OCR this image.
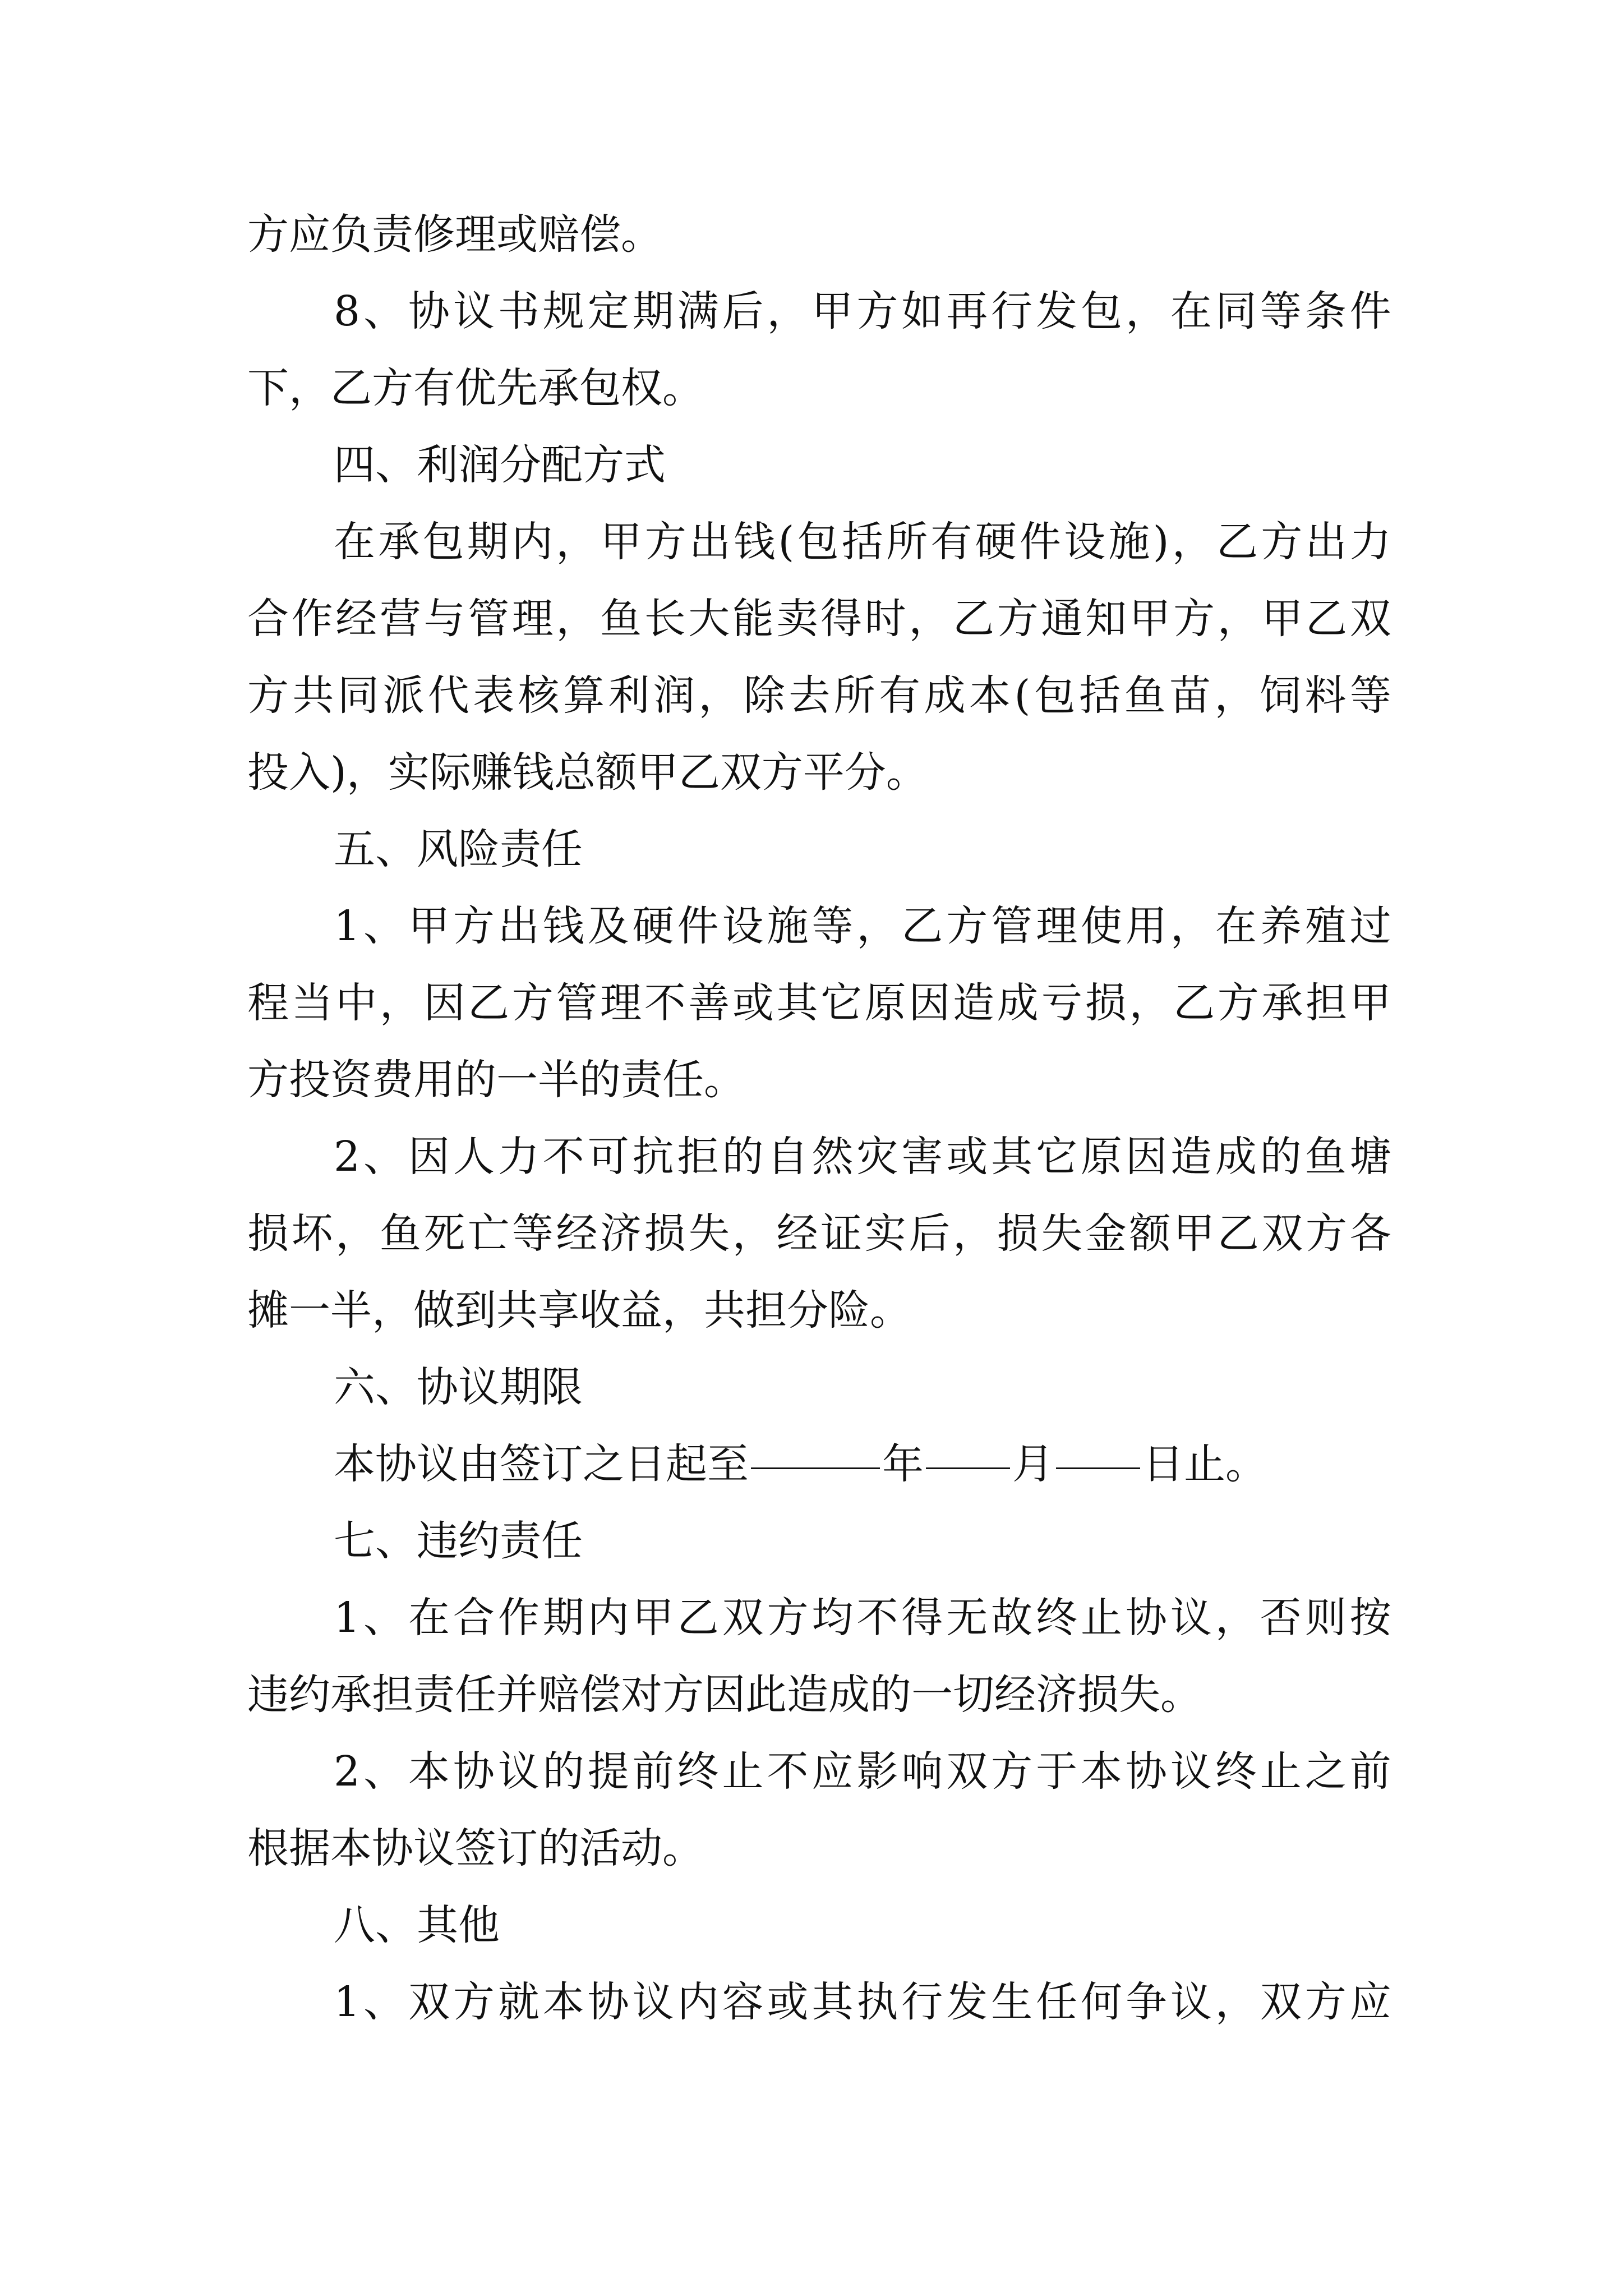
方应负责修理或赔偿。
8 、 协 议 书 规 定 期 满 后 ， 甲 方 如 再 行 发 包 ， 在 同 等 条 件
下，乙方有优先承包权。
四、利润分配方式
在 承 包 期 内 ， 甲 方 出 钱 ( 包 括 所 有 硬 件 设 施 ) ， 乙 方 出 力
合 作 经 营 与 管 理 ， 鱼 长 大 能 卖 得 时 ， 乙 方 通 知 甲 方 ， 甲 乙 双
方 共 同 派 代 表 核 算 利 润 ， 除 去 所 有 成 本 ( 包 括 鱼 苗 ， 饲 料 等
投入)，实际赚钱总额甲乙双方平分。
五、风险责任
1 、 甲 方 出 钱 及 硬 件 设 施 等 ， 乙 方 管 理 使 用 ， 在 养 殖 过
程 当 中 ， 因 乙 方 管 理 不 善 或 其 它 原 因 造 成 亏 损 ， 乙 方 承 担 甲
方投资费用的一半的责任。
2 、 因 人 力 不 可 抗 拒 的 自 然 灾 害 或 其 它 原 因 造 成 的 鱼 塘
损 坏 ， 鱼 死 亡 等 经 济 损 失 ， 经 证 实 后 ， 损 失 金 额 甲 乙 双 方 各
摊一半，做到共享收益，共担分险。
六、协议期限
本协议由签订之日起至	年 月 日止。
七、违约责任
1 、 在 合 作 期 内 甲 乙 双 方 均 不 得 无 故 终 止 协 议 ， 否 则 按
违约承担责任并赔偿对方因此造成的一切经济损失。
2 、 本 协 议 的 提 前 终 止 不 应 影 响 双 方 于 本 协 议 终 止 之 前
根据本协议签订的活动。
八、其他
1 、 双 方 就 本 协 议 内 容 或 其 执 行 发 生 任 何 争 议 ， 双 方 应
